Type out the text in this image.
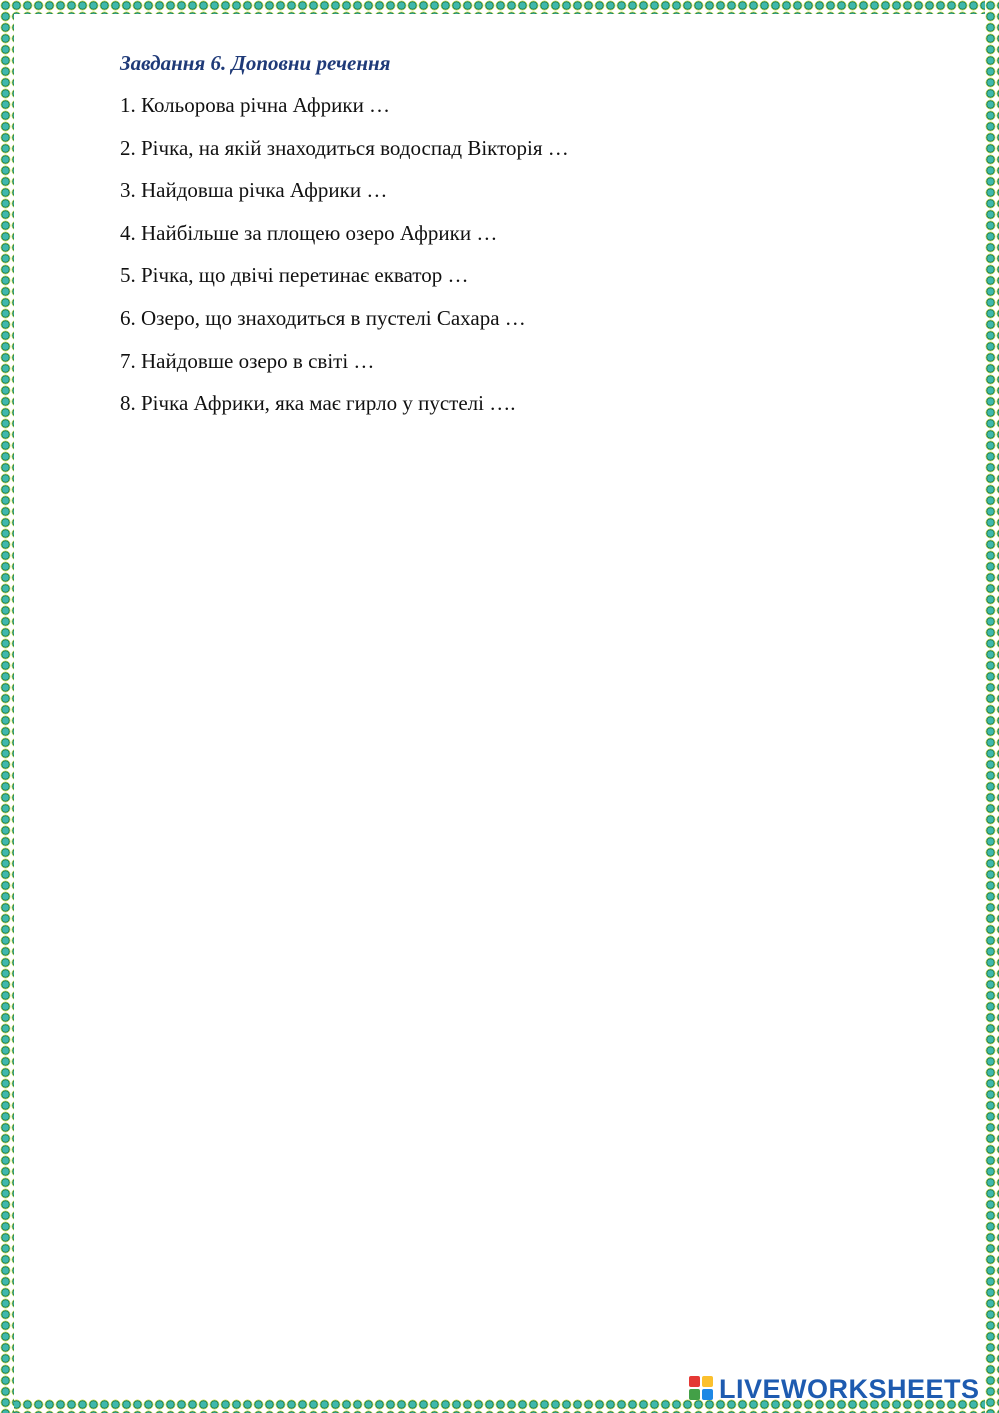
Завдання 6. Доповни речення
1. Кольорова річна Африки …
2. Річка, на якій знаходиться водоспад Вікторія …
3. Найдовша річка Африки …
4. Найбільше за площею озеро Африки …
5. Річка, що двічі перетинає екватор …
6. Озеро, що знаходиться в пустелі Сахара …
7. Найдовше озеро в світі …
8. Річка Африки, яка має гирло у пустелі ….
LIVEWORKSHEETS
